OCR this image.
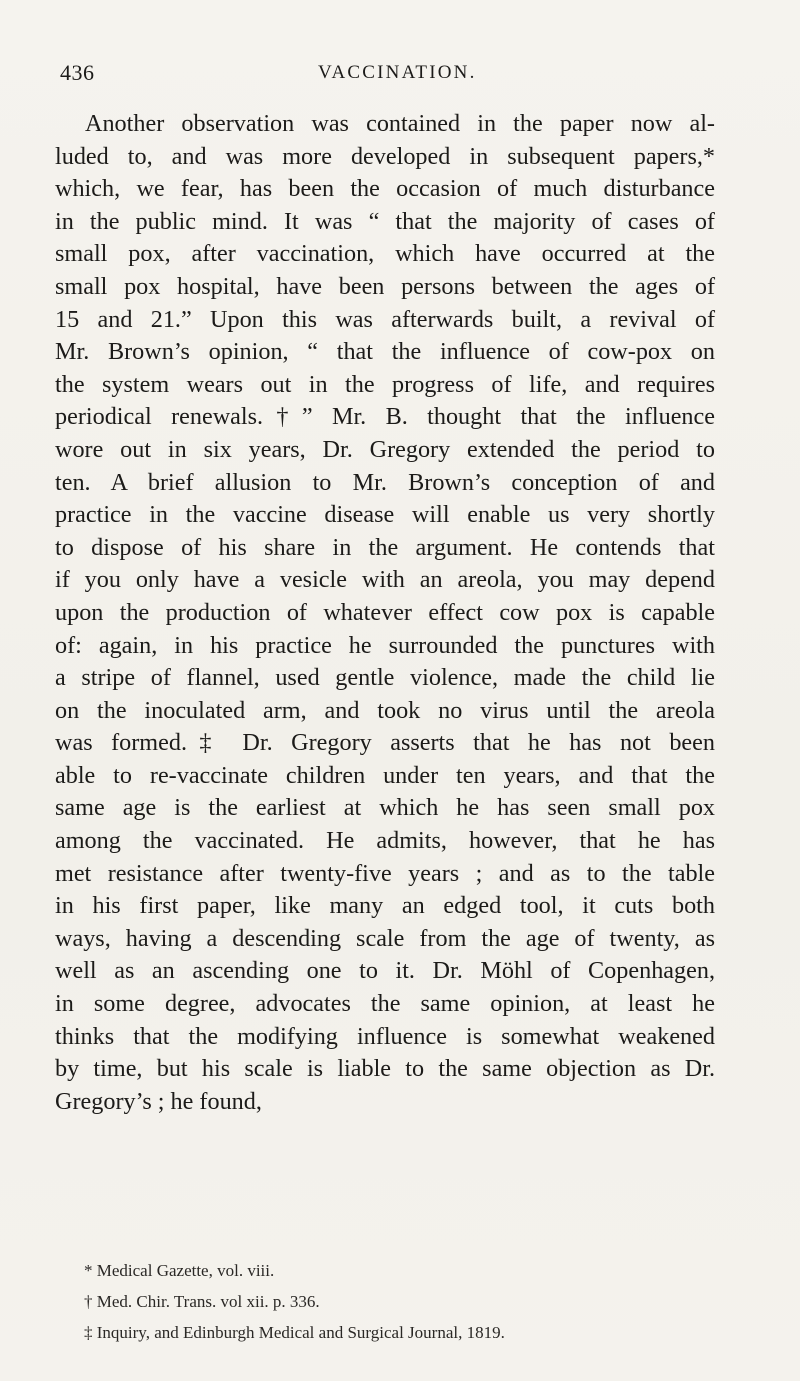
436	VACCINATION.
Another observation was contained in the paper now al-
luded to, and was more developed in subsequent papers,*
which, we fear, has been the occasion of much disturbance
in the public mind. It was “ that the majority of cases of
small pox, after vaccination, which have occurred at the
small pox hospital, have been persons between the ages of
15 and 21.” Upon this was afterwards built, a revival of
Mr. Brown’s opinion, “ that the influence of cow-pox on
the system wears out in the progress of life, and requires
periodical renewals.†” Mr. B. thought that the influence
wore out in six years, Dr. Gregory extended the period to
ten. A brief allusion to Mr. Brown’s conception of and
practice in the vaccine disease will enable us very shortly
to dispose of his share in the argument. He contends that
if you only have a vesicle with an areola, you may depend
upon the production of whatever effect cow pox is capable
of: again, in his practice he surrounded the punctures with
a stripe of flannel, used gentle violence, made the child lie
on the inoculated arm, and took no virus until the areola
was formed.‡ Dr. Gregory asserts that he has not been
able to re-vaccinate children under ten years, and that the
same age is the earliest at which he has seen small pox
among the vaccinated. He admits, however, that he has
met resistance after twenty-five years ; and as to the table
in his first paper, like many an edged tool, it cuts both
ways, having a descending scale from the age of twenty, as
well as an ascending one to it. Dr. Möhl of Copenhagen,
in some degree, advocates the same opinion, at least he
thinks that the modifying influence is somewhat weakened
by time, but his scale is liable to the same objection as Dr.
Gregory’s ; he found,
* Medical Gazette, vol. viii.
† Med. Chir. Trans. vol xii. p. 336.
‡ Inquiry, and Edinburgh Medical and Surgical Journal, 1819.
